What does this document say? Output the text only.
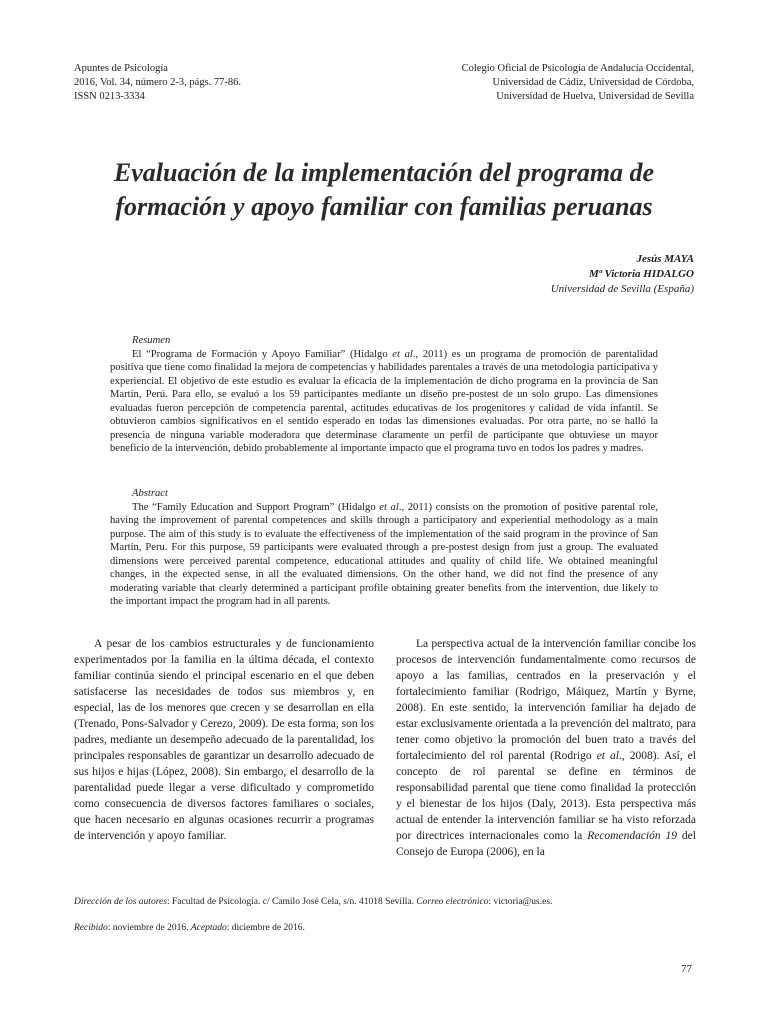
Apuntes de Psicología
2016, Vol. 34, número 2-3, págs. 77-86.
ISSN 0213-3334
Colegio Oficial de Psicología de Andalucía Occidental,
Universidad de Cádiz, Universidad de Córdoba,
Universidad de Huelva, Universidad de Sevilla
Evaluación de la implementación del programa de
formación y apoyo familiar con familias peruanas
Jesús MAYA
Mª Victoria HIDALGO
Universidad de Sevilla (España)
Resumen

El “Programa de Formación y Apoyo Familiar” (Hidalgo et al., 2011) es un programa de promoción de parentalidad positiva que tiene como finalidad la mejora de competencias y habilidades parentales a través de una metodología participativa y experiencial. El objetivo de este estudio es evaluar la eficacia de la implementación de dicho programa en la provincia de San Martín, Perú. Para ello, se evaluó a los 59 participantes mediante un diseño pre-postest de un solo grupo. Las dimensiones evaluadas fueron percepción de competencia parental, actitudes educativas de los progenitores y calidad de vida infantil. Se obtuvieron cambios significativos en el sentido esperado en todas las dimensiones evaluadas. Por otra parte, no se halló la presencia de ninguna variable moderadora que determinase claramente un perfil de participante que obtuviese un mayor beneficio de la intervención, debido probablemente al importante impacto que el programa tuvo en todos los padres y madres.

Abstract

The “Family Education and Support Program” (Hidalgo et al., 2011) consists on the promotion of positive parental role, having the improvement of parental competences and skills through a participatory and experiential methodology as a main purpose. The aim of this study is to evaluate the effectiveness of the implementation of the said program in the province of San Martín, Peru. For this purpose, 59 participants were evaluated through a pre-postest design from just a group. The evaluated dimensions were perceived parental competence, educational attitudes and quality of child life. We obtained meaningful changes, in the expected sense, in all the evaluated dimensions. On the other hand, we did not find the presence of any moderating variable that clearly determined a participant profile obtaining greater benefits from the intervention, due likely to the important impact the program had in all parents.

A pesar de los cambios estructurales y de funcionamiento experimentados por la familia en la última década, el contexto familiar continúa siendo el principal escenario en el que deben satisfacerse las necesidades de todos sus miembros y, en especial, las de los menores que crecen y se desarrollan en ella (Trenado, Pons-Salvador y Cerezo, 2009). De esta forma, son los padres, mediante un desempeño adecuado de la parentalidad, los principales responsables de garantizar un desarrollo adecuado de sus hijos e hijas (López, 2008). Sin embargo, el desarrollo de la parentalidad puede llegar a verse dificultado y comprometido como consecuencia de diversos factores familiares o sociales, que hacen necesario en algunas ocasiones recurrir a programas de intervención y apoyo familiar.

La perspectiva actual de la intervención familiar concibe los procesos de intervención fundamentalmente como recursos de apoyo a las familias, centrados en la preservación y el fortalecimiento familiar (Rodrigo, Máiquez, Martín y Byrne, 2008). En este sentido, la intervención familiar ha dejado de estar exclusivamente orientada a la prevención del maltrato, para tener como objetivo la promoción del buen trato a través del fortalecimiento del rol parental (Rodrigo et al., 2008). Así, el concepto de rol parental se define en términos de responsabilidad parental que tiene como finalidad la protección y el bienestar de los hijos (Daly, 2013). Esta perspectiva más actual de entender la intervención familiar se ha visto reforzada por directrices internacionales como la Recomendación 19 del Consejo de Europa (2006), en la

Dirección de los autores: Facultad de Psicología. c/ Camilo José Cela, s/n. 41018 Sevilla. Correo electrónico: victoria@us.es.
Recibido: noviembre de 2016. Aceptado: diciembre de 2016.
77
